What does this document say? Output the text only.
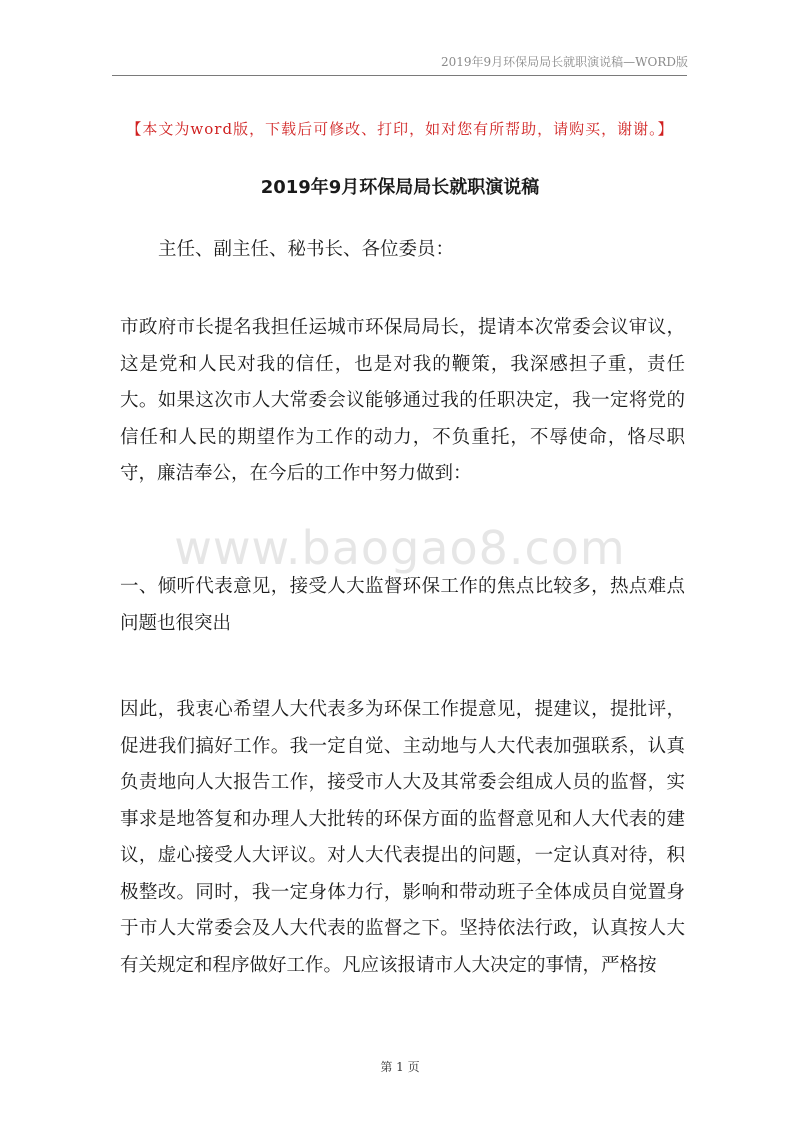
2019年9月环保局局长就职演说稿—WORD版
【本文为word版，下载后可修改、打印，如对您有所帮助，请购买，谢谢。】
2019年9月环保局局长就职演说稿
www.baogao8.com

主任、副主任、秘书长、各位委员：

市政府市长提名我担任运城市环保局局长，提请本次常委会议审议，这是党和人民对我的信任，也是对我的鞭策，我深感担子重，责任大。如果这次市人大常委会议能够通过我的任职决定，我一定将党的信任和人民的期望作为工作的动力，不负重托，不辱使命，恪尽职守，廉洁奉公，在今后的工作中努力做到：

一、倾听代表意见，接受人大监督环保工作的焦点比较多，热点难点问题也很突出

因此，我衷心希望人大代表多为环保工作提意见，提建议，提批评，促进我们搞好工作。我一定自觉、主动地与人大代表加强联系，认真负责地向人大报告工作，接受市人大及其常委会组成人员的监督，实事求是地答复和办理人大批转的环保方面的监督意见和人大代表的建议，虚心接受人大评议。对人大代表提出的问题，一定认真对待，积极整改。同时，我一定身体力行，影响和带动班子全体成员自觉置身于市人大常委会及人大代表的监督之下。坚持依法行政，认真按人大有关规定和程序做好工作。凡应该报请市人大决定的事情，严格按

第 1 页
